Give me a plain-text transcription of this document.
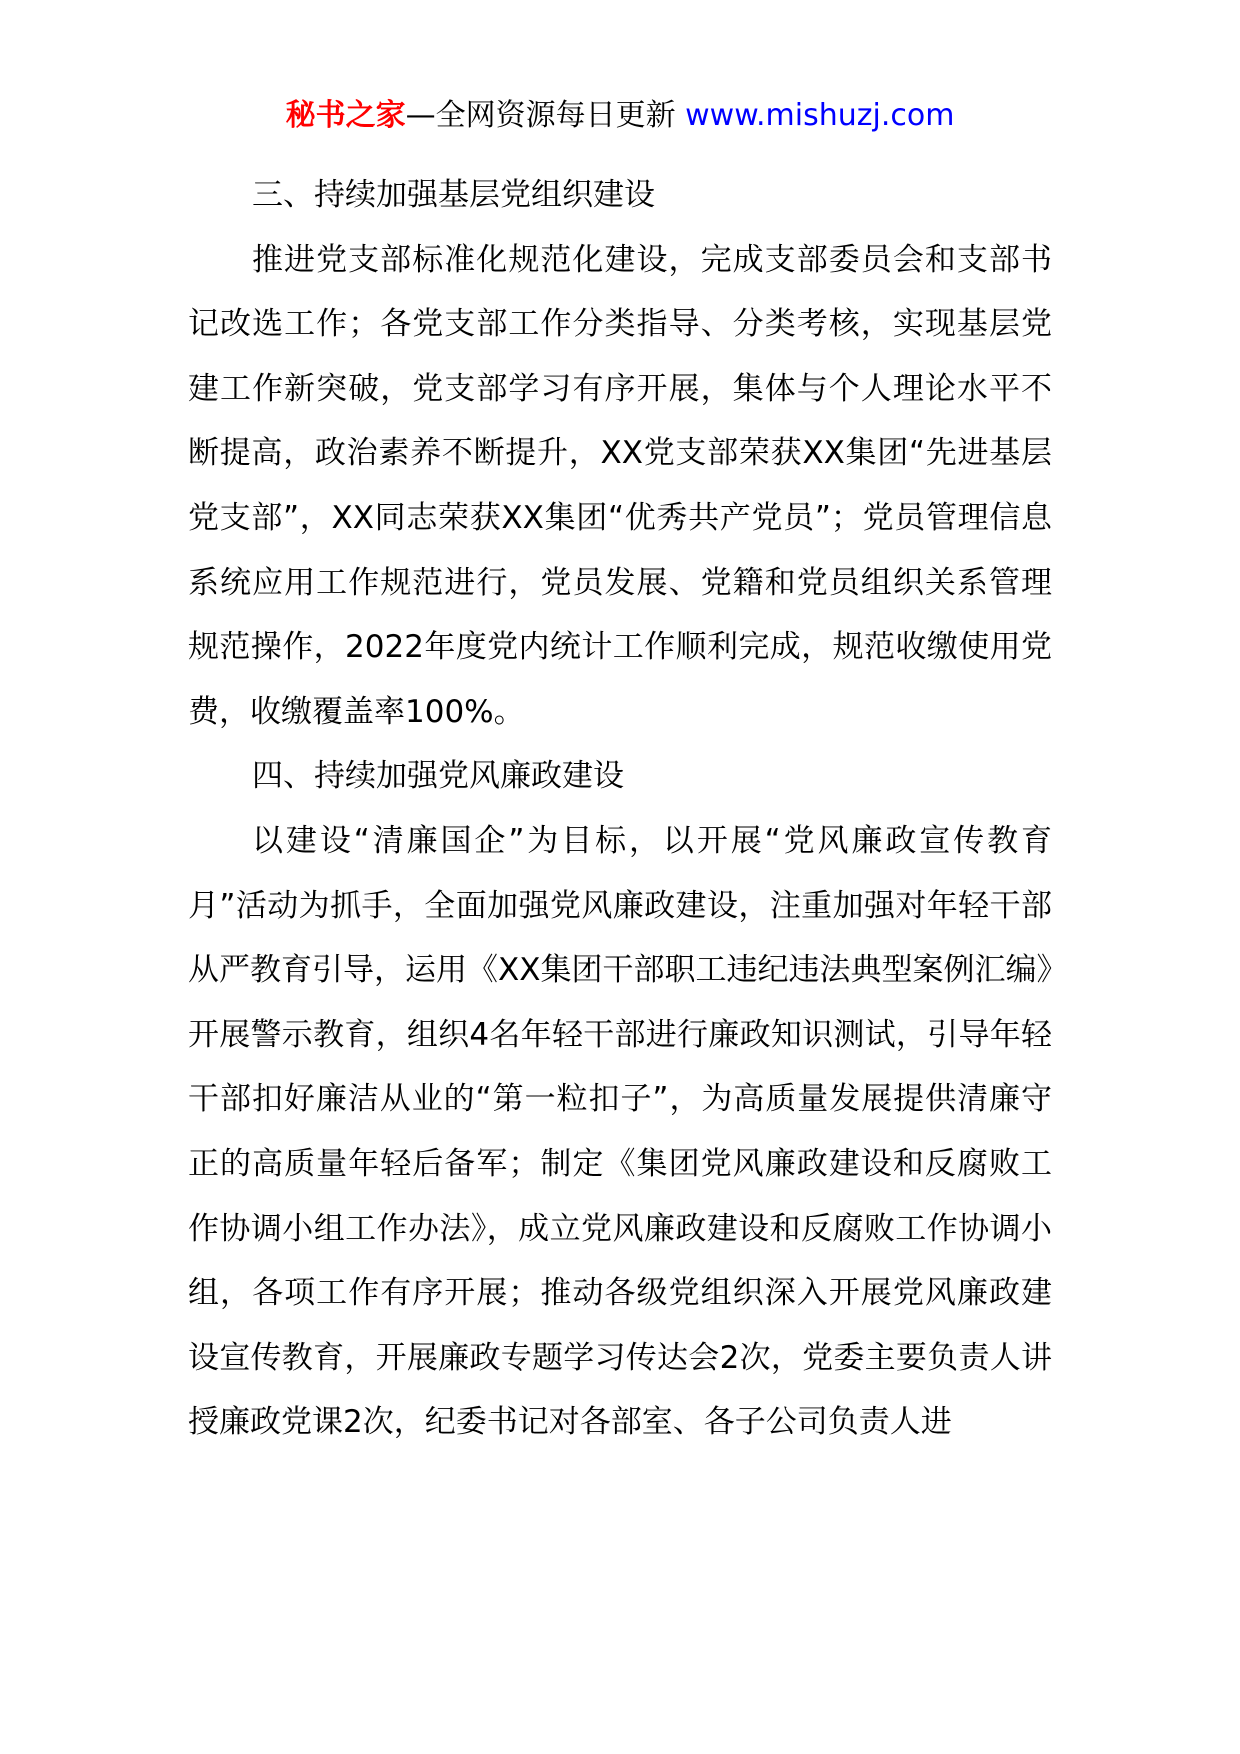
秘书之家—全网资源每日更新 www.mishuzj.com

三、持续加强基层党组织建设

推进党支部标准化规范化建设，完成支部委员会和支部书记改选工作；各党支部工作分类指导、分类考核，实现基层党建工作新突破，党支部学习有序开展，集体与个人理论水平不断提高，政治素养不断提升，XX党支部荣获XX集团“先进基层党支部”，XX同志荣获XX集团“优秀共产党员”；党员管理信息系统应用工作规范进行，党员发展、党籍和党员组织关系管理规范操作，2022年度党内统计工作顺利完成，规范收缴使用党费，收缴覆盖率100%。

四、持续加强党风廉政建设

以建设“清廉国企”为目标，以开展“党风廉政宣传教育月”活动为抓手，全面加强党风廉政建设，注重加强对年轻干部从严教育引导，运用《XX集团干部职工违纪违法典型案例汇编》开展警示教育，组织4名年轻干部进行廉政知识测试，引导年轻干部扣好廉洁从业的“第一粒扣子”，为高质量发展提供清廉守正的高质量年轻后备军；制定《集团党风廉政建设和反腐败工作协调小组工作办法》，成立党风廉政建设和反腐败工作协调小组，各项工作有序开展；推动各级党组织深入开展党风廉政建设宣传教育，开展廉政专题学习传达会2次，党委主要负责人讲授廉政党课2次，纪委书记对各部室、各子公司负责人进
